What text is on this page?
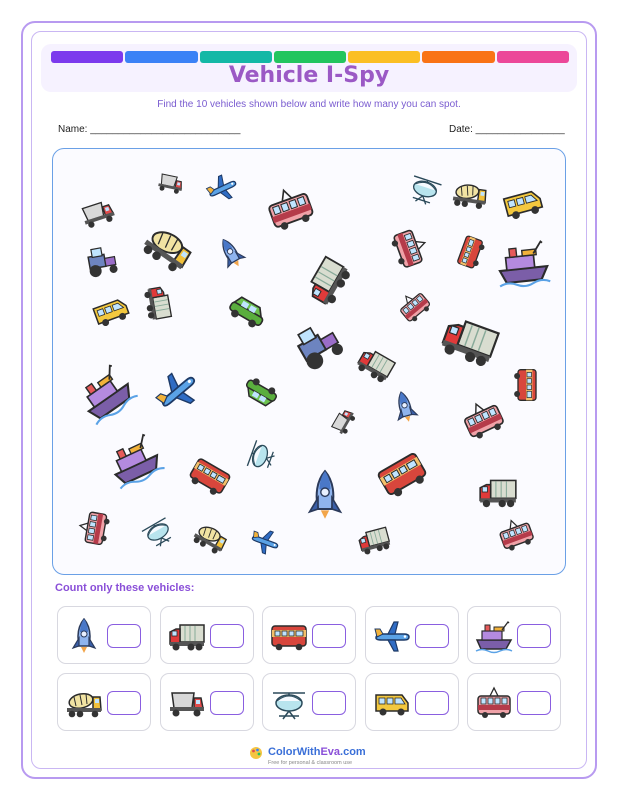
Vehicle I-Spy
Find the 10 vehicles shown below and write how many you can spot.
Name: ___________________________	Date: ________________
Count only these vehicles:
ColorWithEva.com
Free for personal & classroom use
